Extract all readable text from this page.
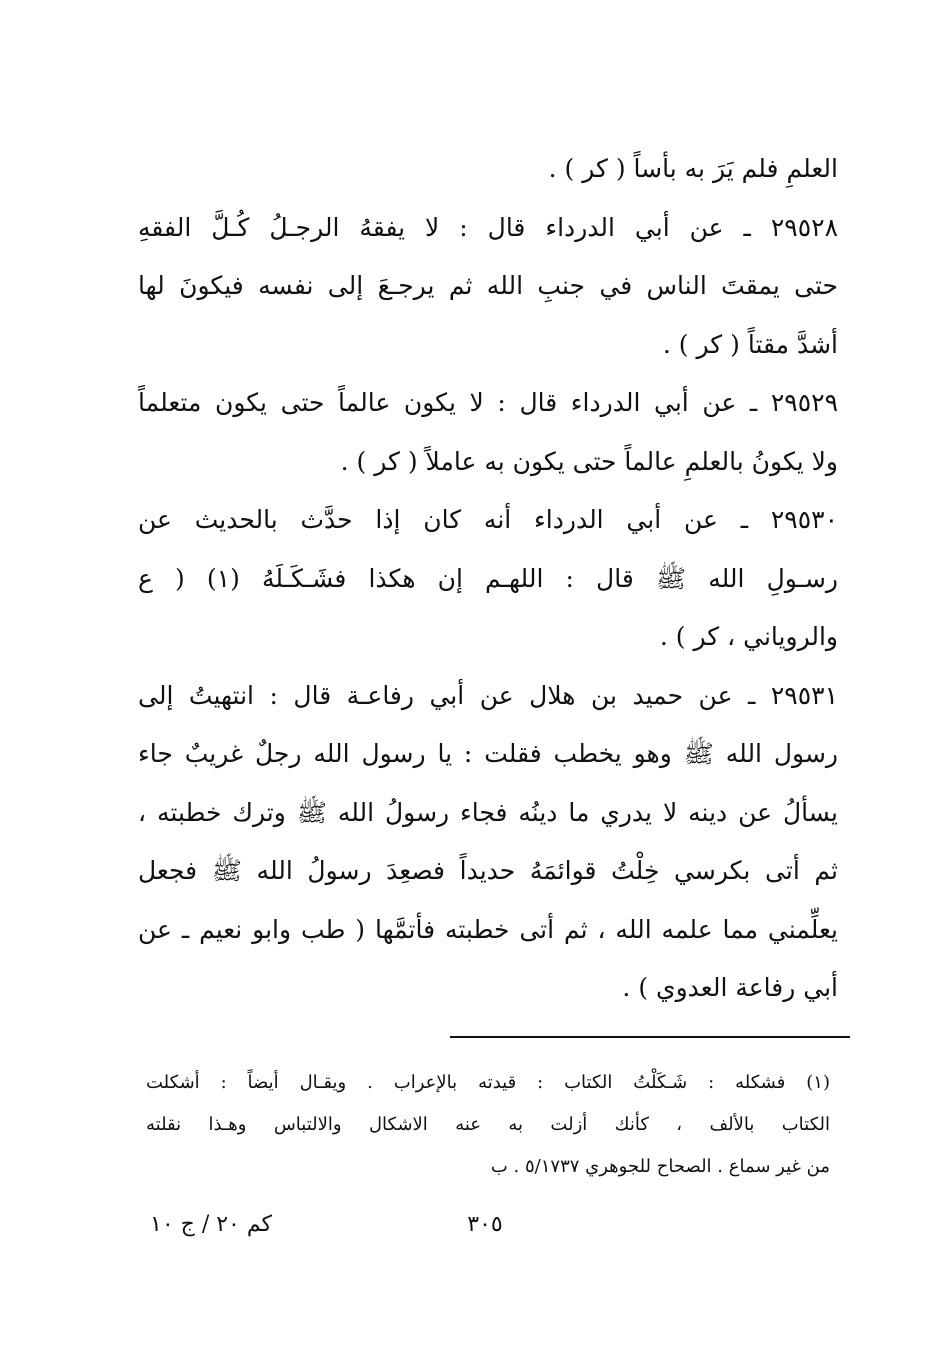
العلمِ فلم يَرَ به بأساً ( كر ) .
٢٩٥٢٨ ـ عن أبي الدرداء قال : لا يفقهُ الرجـلُ كُـلَّ الفقهِ
حتى يمقتَ الناس في جنبِ الله ثم يرجـعَ إلى نفسه فيكونَ لها
أشدَّ مقتاً ( كر ) .
٢٩٥٢٩ ـ عن أبي الدرداء قال : لا يكون عالماً حتى يكون متعلماً
ولا يكونُ بالعلمِ عالماً حتى يكون به عاملاً ( كر ) .
٢٩٥٣٠ ـ عن أبي الدرداء أنه كان إذا حدَّث بالحديث عن
رسـولِ الله ﷺ قال : اللهـم إن هكذا فشَـكَـلَهُ (١) ( ع
والروياني ، كر ) .
٢٩٥٣١ ـ عن حميد بن هلال عن أبي رفاعـة قال : انتهيتُ إلى
رسول الله ﷺ وهو يخطب فقلت : يا رسول الله رجلٌ غريبٌ جاء
يسألُ عن دينه لا يدري ما دينُه فجاء رسولُ الله ﷺ وترك خطبته ،
ثم أتى بكرسي خِلْتُ قوائمَهُ حديداً فصعِدَ رسولُ الله ﷺ فجعل
يعلِّمني مما علمه الله ، ثم أتى خطبته فأتمَّها ( طب وابو نعيم ـ عن
أبي رفاعة العدوي ) .
(١) فشكله : شَـكَلْتُ الكتاب : قيدته بالإعراب . ويقـال أيضاً : أشكلت
الكتاب بالألف ، كأنك أزلت به عنه الاشكال والالتباس وهـذا نقلته
من غير سماع . الصحاح للجوهري ٥/١٧٣٧ . ب
٣٠٥
كم ٢٠ / ج ١٠
